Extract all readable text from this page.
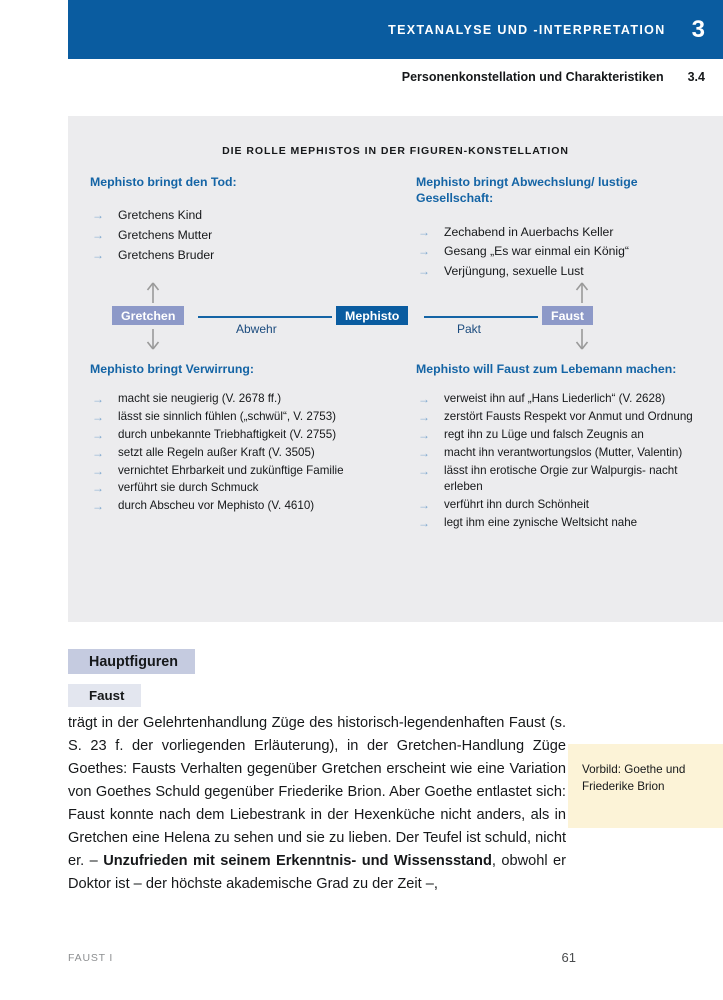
TEXTANALYSE UND -INTERPRETATION 3
Personenkonstellation und Charakteristiken 3.4
DIE ROLLE MEPHISTOS IN DER FIGUREN-KONSTELLATION
Mephisto bringt den Tod:
→ Gretchens Kind
→ Gretchens Mutter
→ Gretchens Bruder
Mephisto bringt Abwechslung/ lustige Gesellschaft:
→ Zechabend in Auerbachs Keller
→ Gesang „Es war einmal ein König“
→ Verjüngung, sexuelle Lust
Gretchen	Mephisto	Faust
Abwehr	Pakt
Mephisto bringt Verwirrung:
→ macht sie neugierig (V. 2678 ff.)
→ lässt sie sinnlich fühlen („schwül“, V. 2753)
→ durch unbekannte Triebhaftigkeit (V. 2755)
→ setzt alle Regeln außer Kraft (V. 3505)
→ vernichtet Ehrbarkeit und zukünftige Familie
→ verführt sie durch Schmuck
→ durch Abscheu vor Mephisto (V. 4610)
Mephisto will Faust zum Lebemann machen:
→ verweist ihn auf „Hans Liederlich“ (V. 2628)
→ zerstört Fausts Respekt vor Anmut und Ordnung
→ regt ihn zu Lüge und falsch Zeugnis an
→ macht ihn verantwortungslos (Mutter, Valentin)
→ lässt ihn erotische Orgie zur Walpurgis- nacht erleben
→ verführt ihn durch Schönheit
→ legt ihm eine zynische Weltsicht nahe
Hauptfiguren
Faust
trägt in der Gelehrtenhandlung Züge des historisch-legendenhaften Faust (s. S. 23 f. der vorliegenden Erläuterung), in der Gretchen-Handlung Züge Goethes: Fausts Verhalten gegenüber Gretchen erscheint wie eine Variation von Goethes Schuld gegenüber Friederike Brion. Aber Goethe entlastet sich: Faust konnte nach dem Liebestrank in der Hexenküche nicht anders, als in Gretchen eine Helena zu sehen und sie zu lieben. Der Teufel ist schuld, nicht er. – Unzufrieden mit seinem Erkenntnis- und Wissensstand, obwohl er Doktor ist – der höchste akademische Grad zu der Zeit –,
Vorbild: Goethe und Friederike Brion
FAUST I	61
